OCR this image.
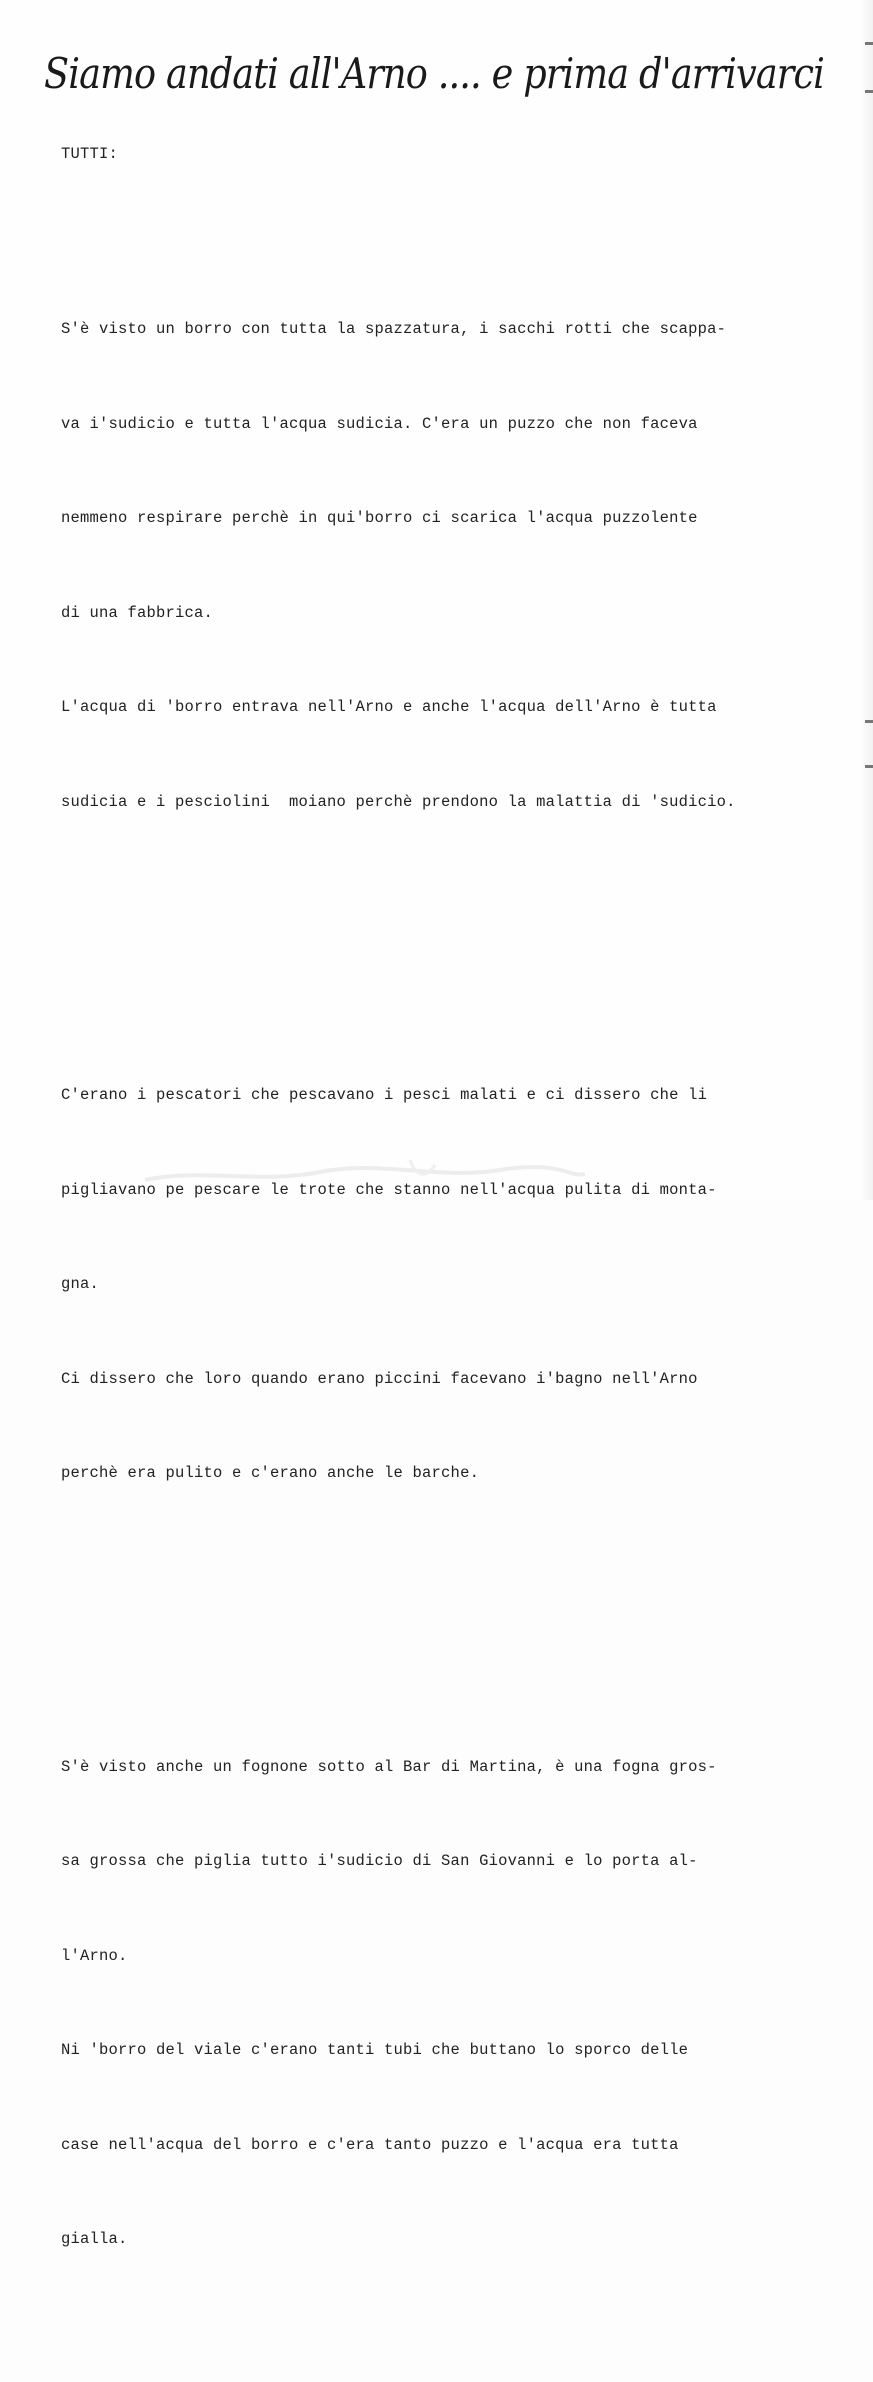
Siamo andati all'Arno .... e prima d'arrivarci
TUTTI:

S'è visto un borro con tutta la spazzatura, i sacchi rotti che scappa-

va i'sudicio e tutta l'acqua sudicia. C'era un puzzo che non faceva

nemmeno respirare perchè in qui'borro ci scarica l'acqua puzzolente

di una fabbrica.

L'acqua di 'borro entrava nell'Arno e anche l'acqua dell'Arno è tutta

sudicia e i pesciolini  moiano perchè prendono la malattia di 'sudicio.

C'erano i pescatori che pescavano i pesci malati e ci dissero che li

pigliavano pe pescare le trote che stanno nell'acqua pulita di monta-

gna.

Ci dissero che loro quando erano piccini facevano i'bagno nell'Arno

perchè era pulito e c'erano anche le barche.

S'è visto anche un fognone sotto al Bar di Martina, è una fogna gros-

sa grossa che piglia tutto i'sudicio di San Giovanni e lo porta al-

l'Arno.

Ni 'borro del viale c'erano tanti tubi che buttano lo sporco delle

case nell'acqua del borro e c'era tanto puzzo e l'acqua era tutta

gialla.
